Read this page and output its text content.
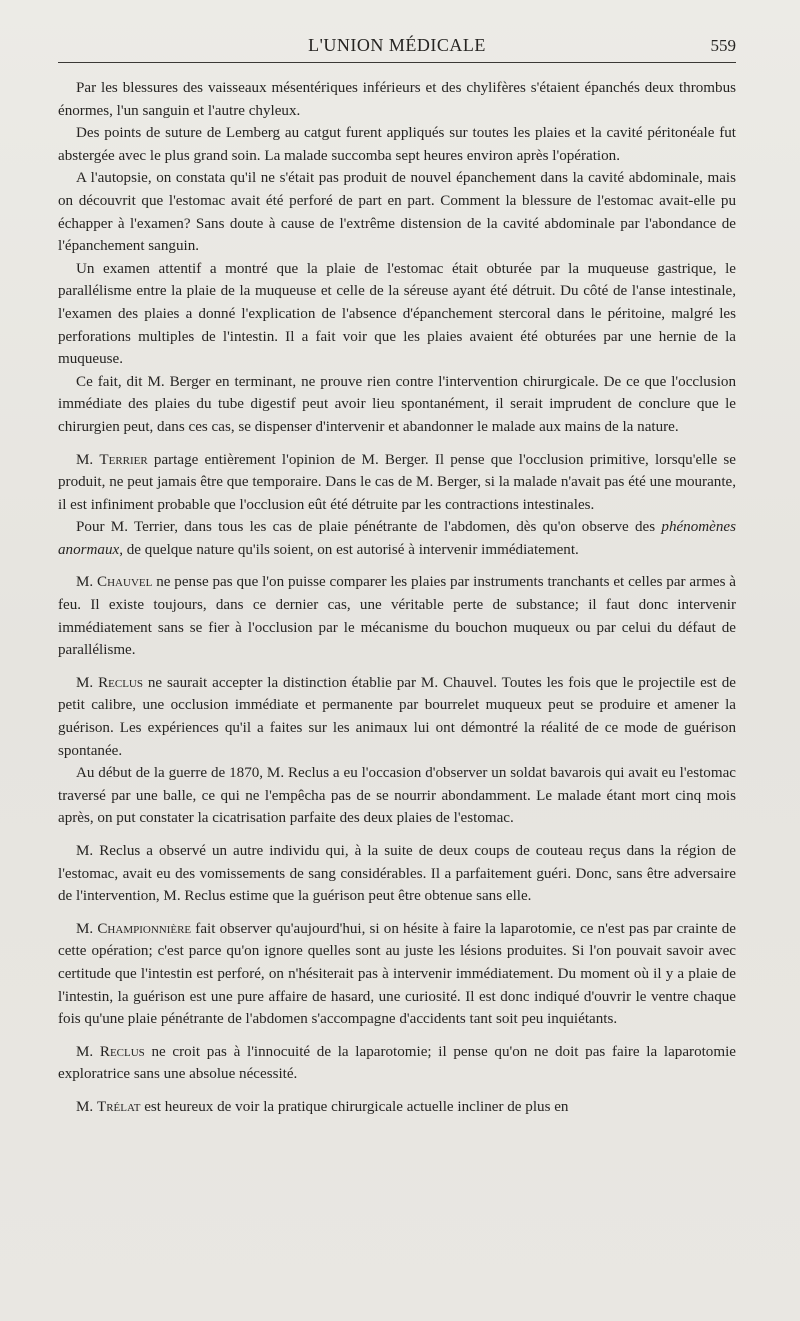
L'UNION MÉDICALE	559

Par les blessures des vaisseaux mésentériques inférieurs et des chylifères s'étaient épanchés deux thrombus énormes, l'un sanguin et l'autre chyleux.

Des points de suture de Lemberg au catgut furent appliqués sur toutes les plaies et la cavité péritonéale fut abstergée avec le plus grand soin. La malade succomba sept heures environ après l'opération.

A l'autopsie, on constata qu'il ne s'était pas produit de nouvel épanchement dans la cavité abdominale, mais on découvrit que l'estomac avait été perforé de part en part. Comment la blessure de l'estomac avait-elle pu échapper à l'examen? Sans doute à cause de l'extrême distension de la cavité abdominale par l'abondance de l'épanchement sanguin.

Un examen attentif a montré que la plaie de l'estomac était obturée par la muqueuse gastrique, le parallélisme entre la plaie de la muqueuse et celle de la séreuse ayant été détruit. Du côté de l'anse intestinale, l'examen des plaies a donné l'explication de l'absence d'épanchement stercoral dans le péritoine, malgré les perforations multiples de l'intestin. Il a fait voir que les plaies avaient été obturées par une hernie de la muqueuse.

Ce fait, dit M. Berger en terminant, ne prouve rien contre l'intervention chirurgicale. De ce que l'occlusion immédiate des plaies du tube digestif peut avoir lieu spontanément, il serait imprudent de conclure que le chirurgien peut, dans ces cas, se dispenser d'intervenir et abandonner le malade aux mains de la nature.

M. Terrier partage entièrement l'opinion de M. Berger. Il pense que l'occlusion primitive, lorsqu'elle se produit, ne peut jamais être que temporaire. Dans le cas de M. Berger, si la malade n'avait pas été une mourante, il est infiniment probable que l'occlusion eût été détruite par les contractions intestinales.

Pour M. Terrier, dans tous les cas de plaie pénétrante de l'abdomen, dès qu'on observe des phénomènes anormaux, de quelque nature qu'ils soient, on est autorisé à intervenir immédiatement.

M. Chauvel ne pense pas que l'on puisse comparer les plaies par instruments tranchants et celles par armes à feu. Il existe toujours, dans ce dernier cas, une véritable perte de substance; il faut donc intervenir immédiatement sans se fier à l'occlusion par le mécanisme du bouchon muqueux ou par celui du défaut de parallélisme.

M. Reclus ne saurait accepter la distinction établie par M. Chauvel. Toutes les fois que le projectile est de petit calibre, une occlusion immédiate et permanente par bourrelet muqueux peut se produire et amener la guérison. Les expériences qu'il a faites sur les animaux lui ont démontré la réalité de ce mode de guérison spontanée.

Au début de la guerre de 1870, M. Reclus a eu l'occasion d'observer un soldat bavarois qui avait eu l'estomac traversé par une balle, ce qui ne l'empêcha pas de se nourrir abondamment. Le malade étant mort cinq mois après, on put constater la cicatrisation parfaite des deux plaies de l'estomac.

M. Reclus a observé un autre individu qui, à la suite de deux coups de couteau reçus dans la région de l'estomac, avait eu des vomissements de sang considérables. Il a parfaitement guéri. Donc, sans être adversaire de l'intervention, M. Reclus estime que la guérison peut être obtenue sans elle.

M. Championnière fait observer qu'aujourd'hui, si on hésite à faire la laparotomie, ce n'est pas par crainte de cette opération; c'est parce qu'on ignore quelles sont au juste les lésions produites. Si l'on pouvait savoir avec certitude que l'intestin est perforé, on n'hésiterait pas à intervenir immédiatement. Du moment où il y a plaie de l'intestin, la guérison est une pure affaire de hasard, une curiosité. Il est donc indiqué d'ouvrir le ventre chaque fois qu'une plaie pénétrante de l'abdomen s'accompagne d'accidents tant soit peu inquiétants.

M. Reclus ne croit pas à l'innocuité de la laparotomie; il pense qu'on ne doit pas faire la laparotomie exploratrice sans une absolue nécessité.

M. Trélat est heureux de voir la pratique chirurgicale actuelle incliner de plus en
